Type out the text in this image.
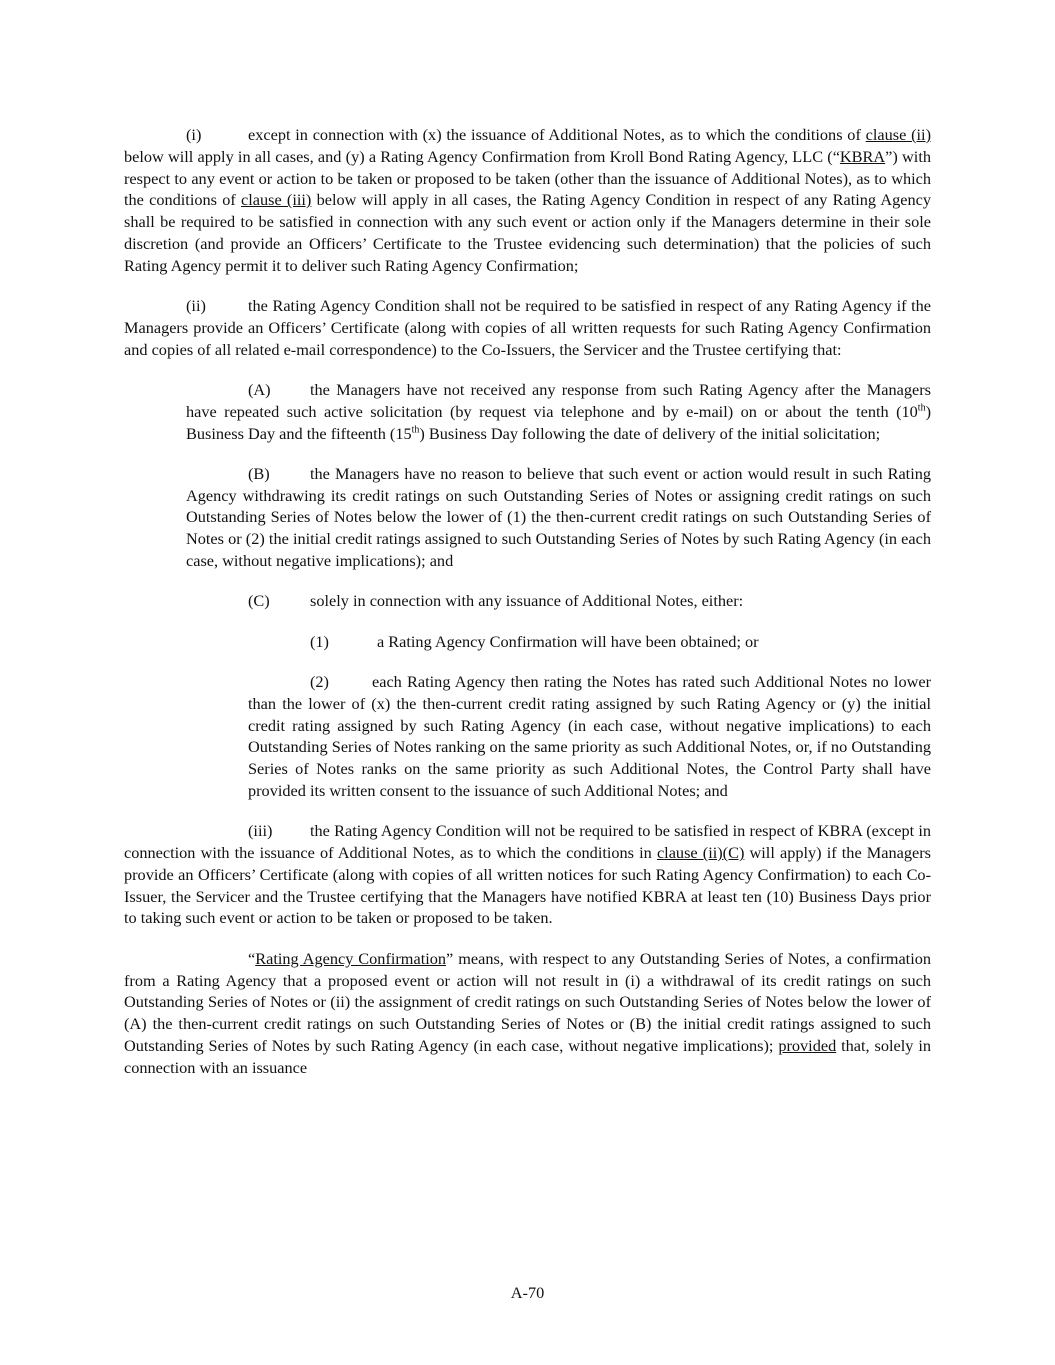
(i)	except in connection with (x) the issuance of Additional Notes, as to which the conditions of clause (ii) below will apply in all cases, and (y) a Rating Agency Confirmation from Kroll Bond Rating Agency, LLC (“KBRA”) with respect to any event or action to be taken or proposed to be taken (other than the issuance of Additional Notes), as to which the conditions of clause (iii) below will apply in all cases, the Rating Agency Condition in respect of any Rating Agency shall be required to be satisfied in connection with any such event or action only if the Managers determine in their sole discretion (and provide an Officers’ Certificate to the Trustee evidencing such determination) that the policies of such Rating Agency permit it to deliver such Rating Agency Confirmation;

(ii)	the Rating Agency Condition shall not be required to be satisfied in respect of any Rating Agency if the Managers provide an Officers’ Certificate (along with copies of all written requests for such Rating Agency Confirmation and copies of all related e-mail correspondence) to the Co-Issuers, the Servicer and the Trustee certifying that:

(A) the Managers have not received any response from such Rating Agency after the Managers have repeated such active solicitation (by request via telephone and by e-mail) on or about the tenth (10th) Business Day and the fifteenth (15th) Business Day following the date of delivery of the initial solicitation;

(B) the Managers have no reason to believe that such event or action would result in such Rating Agency withdrawing its credit ratings on such Outstanding Series of Notes or assigning credit ratings on such Outstanding Series of Notes below the lower of (1) the then-current credit ratings on such Outstanding Series of Notes or (2) the initial credit ratings assigned to such Outstanding Series of Notes by such Rating Agency (in each case, without negative implications); and

(C) solely in connection with any issuance of Additional Notes, either:

(1)	a Rating Agency Confirmation will have been obtained; or

(2)	each Rating Agency then rating the Notes has rated such Additional Notes no lower than the lower of (x) the then-current credit rating assigned by such Rating Agency or (y) the initial credit rating assigned by such Rating Agency (in each case, without negative implications) to each Outstanding Series of Notes ranking on the same priority as such Additional Notes, or, if no Outstanding Series of Notes ranks on the same priority as such Additional Notes, the Control Party shall have provided its written consent to the issuance of such Additional Notes; and

(iii) the Rating Agency Condition will not be required to be satisfied in respect of KBRA (except in connection with the issuance of Additional Notes, as to which the conditions in clause (ii)(C) will apply) if the Managers provide an Officers’ Certificate (along with copies of all written notices for such Rating Agency Confirmation) to each Co-Issuer, the Servicer and the Trustee certifying that the Managers have notified KBRA at least ten (10) Business Days prior to taking such event or action to be taken or proposed to be taken.

“Rating Agency Confirmation” means, with respect to any Outstanding Series of Notes, a confirmation from a Rating Agency that a proposed event or action will not result in (i) a withdrawal of its credit ratings on such Outstanding Series of Notes or (ii) the assignment of credit ratings on such Outstanding Series of Notes below the lower of (A) the then-current credit ratings on such Outstanding Series of Notes or (B) the initial credit ratings assigned to such Outstanding Series of Notes by such Rating Agency (in each case, without negative implications); provided that, solely in connection with an issuance

A-70
